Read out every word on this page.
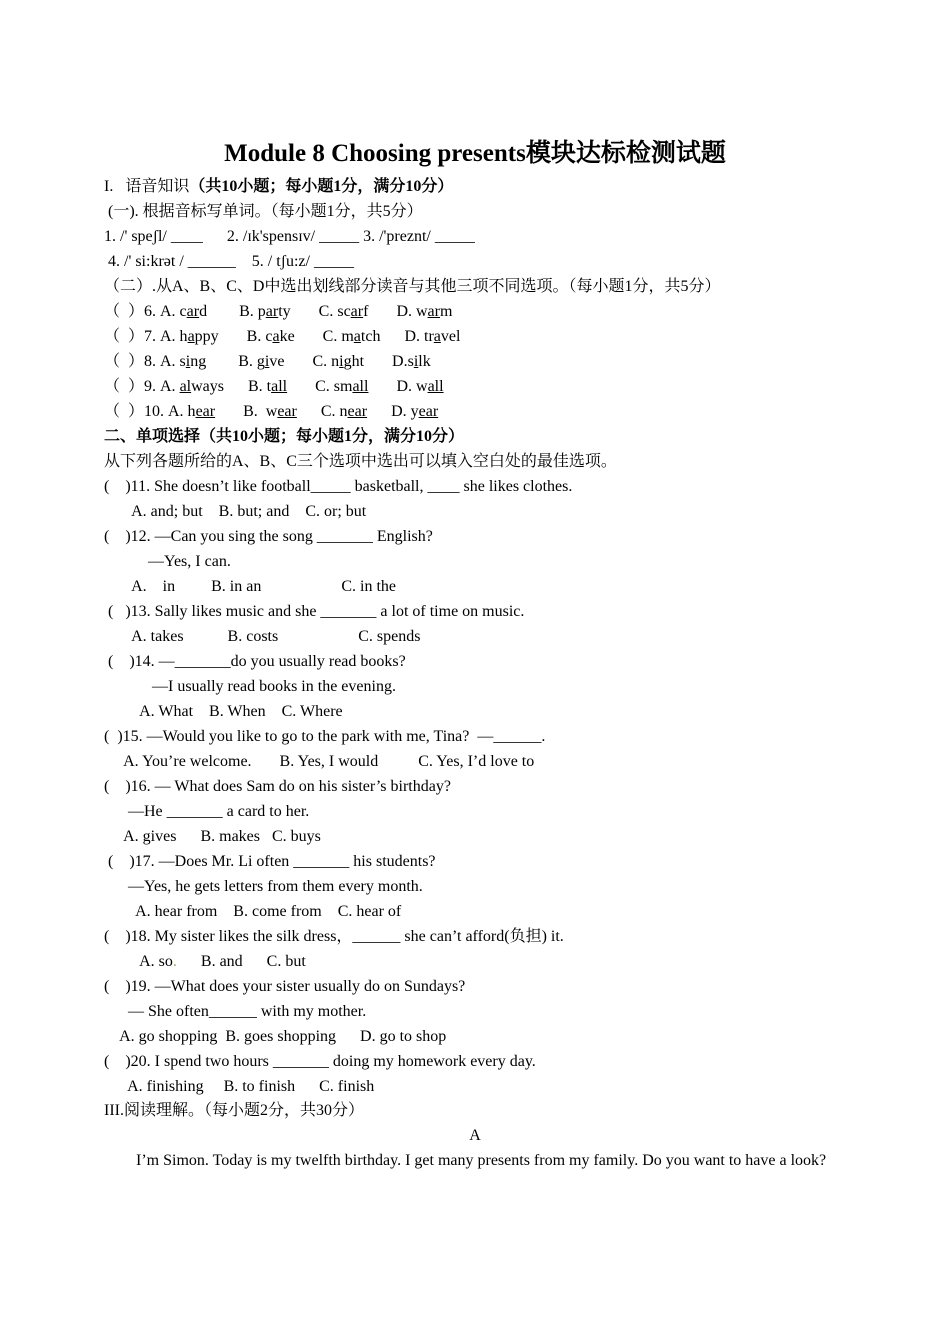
Module 8 Choosing presents模块达标检测试题
I.   语音知识（共10小题；每小题1分，满分10分）
(一). 根据音标写单词。（每小题1分，共5分）
1. /' speʃl/ ____      2. /ɪk'spensɪv/ _____ 3. /'preznt/ _____
4. /' si:krət / ______    5. / tʃu:z/ _____
（二）.从A、B、C、D中选出划线部分读音与其他三项不同选项。（每小题1分，共5分）
（  ）6. A. card        B. party       C. scarf       D. warm
（  ）7. A. happy       B. cake       C. match      D. travel
（  ）8. A. sing        B. give       C. night       D.silk
（  ）9. A. always      B. tall       C. small       D. wall
（  ）10. A. hear       B.  wear      C. near      D. year
二、单项选择（共10小题；每小题1分，满分10分）
从下列各题所给的A、B、C三个选项中选出可以填入空白处的最佳选项。
(    )11. She doesn’t like football_____ basketball, ____ she likes clothes.
A. and; but    B. but; and    C. or; but
(    )12. —Can you sing the song _______ English?
—Yes, I can.
A.    in         B. in an                    C. in the
(   )13. Sally likes music and she _______ a lot of time on music.
A. takes           B. costs                    C. spends
(    )14. —_______do you usually read books?
—I usually read books in the evening.
A. What    B. When    C. Where
(  )15. —Would you like to go to the park with me, Tina?  —______.
A. You’re welcome.       B. Yes, I would          C. Yes, I’d love to
(    )16. — What does Sam do on his sister’s birthday?
—He _______ a card to her.
A. gives      B. makes   C. buys
(    )17. —Does Mr. Li often _______ his students?
—Yes, he gets letters from them every month.
A. hear from    B. come from    C. hear of
(    )18. My sister likes the silk dress，______ she can’t afford(负担) it.
A. so.      B. and      C. but
(    )19. —What does your sister usually do on Sundays?
— She often______ with my mother.
A. go shopping  B. goes shopping      D. go to shop
(    )20. I spend two hours _______ doing my homework every day.
A. finishing     B. to finish      C. finish
III.阅读理解。（每小题2分，共30分）
A
I’m Simon. Today is my twelfth birthday. I get many presents from my family. Do you want to have a look?
